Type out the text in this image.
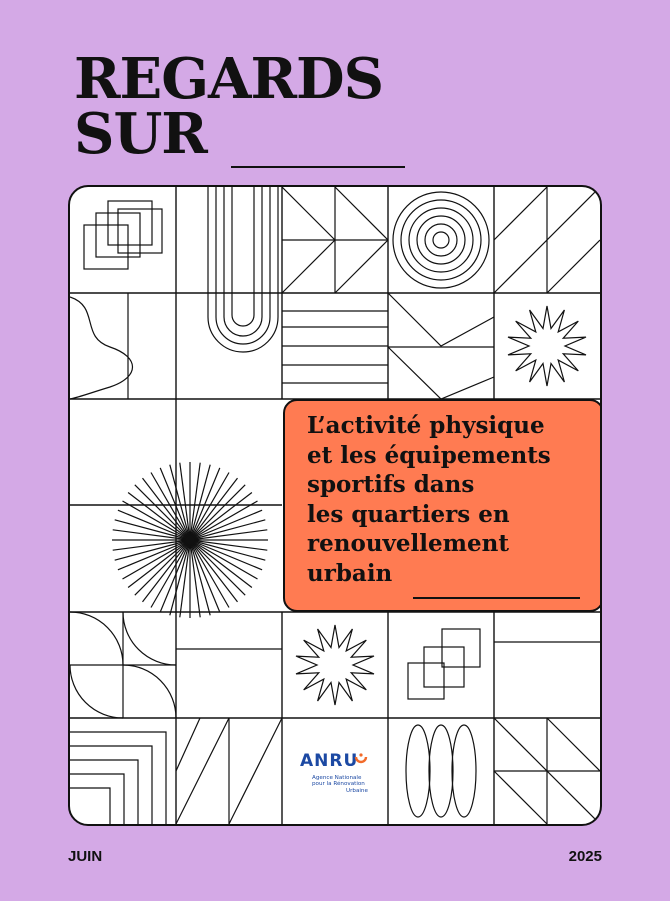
REGARDS
SUR

L’activité physique
et les équipements
sportifs dans
les quartiers en
renouvellement
urbain

ANRU
Agence Nationale
pour la Rénovation
Urbaine
JUIN	2025
